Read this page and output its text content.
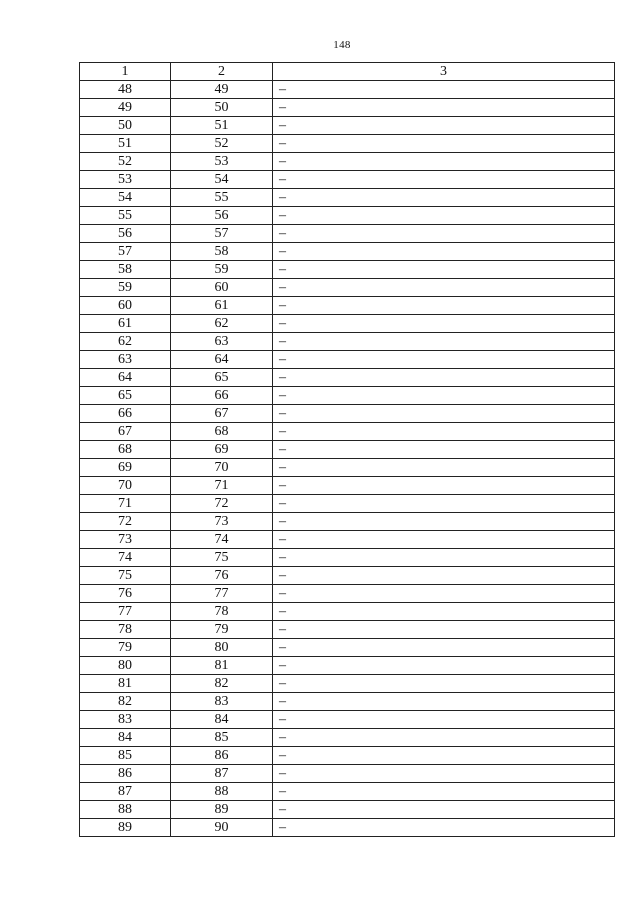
148
1	2	3
48	49	–
49	50	–
50	51	–
51	52	–
52	53	–
53	54	–
54	55	–
55	56	–
56	57	–
57	58	–
58	59	–
59	60	–
60	61	–
61	62	–
62	63	–
63	64	–
64	65	–
65	66	–
66	67	–
67	68	–
68	69	–
69	70	–
70	71	–
71	72	–
72	73	–
73	74	–
74	75	–
75	76	–
76	77	–
77	78	–
78	79	–
79	80	–
80	81	–
81	82	–
82	83	–
83	84	–
84	85	–
85	86	–
86	87	–
87	88	–
88	89	–
89	90	–
